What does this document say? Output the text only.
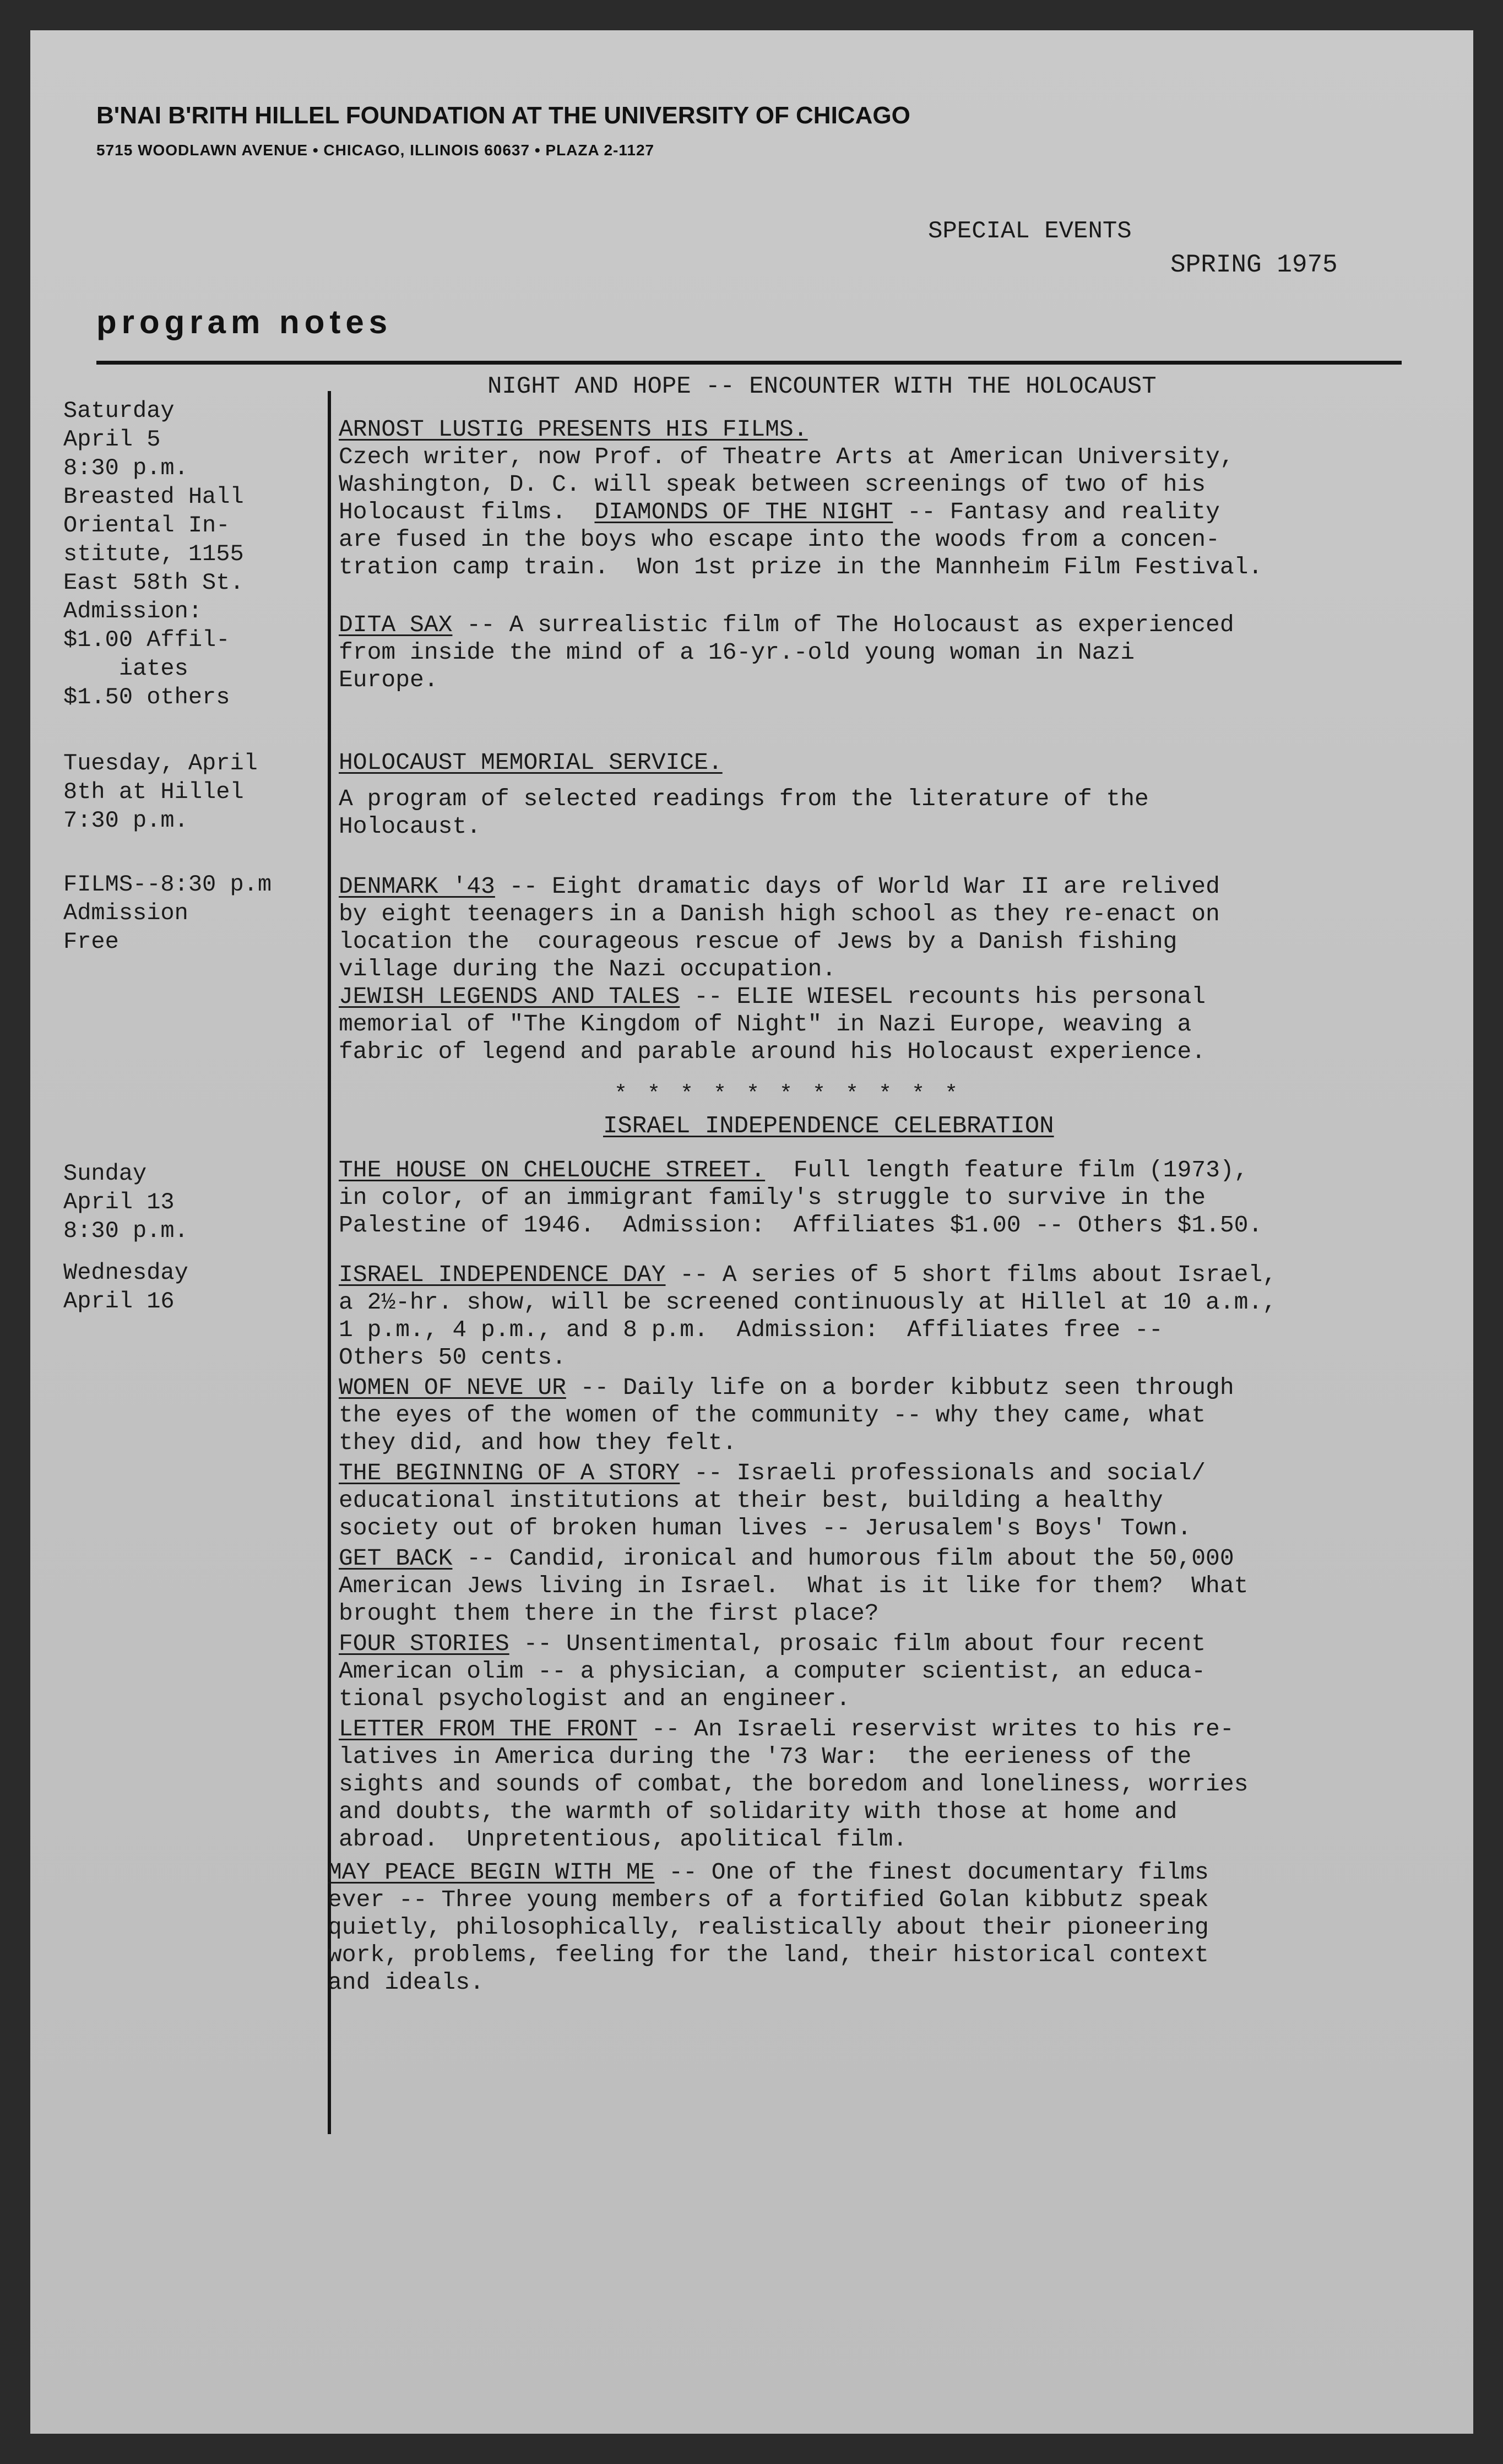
B'NAI B'RITH HILLEL FOUNDATION AT THE UNIVERSITY OF CHICAGO
5715 WOODLAWN AVENUE • CHICAGO, ILLINOIS 60637 • PLAZA 2-1127
SPECIAL EVENTS
SPRING 1975
program notes
NIGHT AND HOPE -- ENCOUNTER WITH THE HOLOCAUST
Saturday
April 5
8:30 p.m.
Breasted Hall
Oriental In-
stitute, 1155
East 58th St.
Admission:
$1.00 Affil-
iates
$1.50 others
Tuesday, April
8th at Hillel
7:30 p.m.
FILMS--8:30 p.m
Admission
Free
Sunday
April 13
8:30 p.m.
Wednesday
April 16
ARNOST LUSTIG PRESENTS HIS FILMS.
Czech writer, now Prof. of Theatre Arts at American University,
Washington, D. C. will speak between screenings of two of his
Holocaust films.  DIAMONDS OF THE NIGHT -- Fantasy and reality
are fused in the boys who escape into the woods from a concen-
tration camp train.  Won 1st prize in the Mannheim Film Festival.
DITA SAX -- A surrealistic film of The Holocaust as experienced
from inside the mind of a 16-yr.-old young woman in Nazi
Europe.
HOLOCAUST MEMORIAL SERVICE.
A program of selected readings from the literature of the
Holocaust.
DENMARK '43 -- Eight dramatic days of World War II are relived
by eight teenagers in a Danish high school as they re-enact on
location the  courageous rescue of Jews by a Danish fishing
village during the Nazi occupation.
JEWISH LEGENDS AND TALES -- ELIE WIESEL recounts his personal
memorial of "The Kingdom of Night" in Nazi Europe, weaving a
fabric of legend and parable around his Holocaust experience.
* * * * * * * * * * *
ISRAEL INDEPENDENCE CELEBRATION
THE HOUSE ON CHELOUCHE STREET.  Full length feature film (1973),
in color, of an immigrant family's struggle to survive in the
Palestine of 1946.  Admission:  Affiliates $1.00 -- Others $1.50.
ISRAEL INDEPENDENCE DAY -- A series of 5 short films about Israel,
a 2½-hr. show, will be screened continuously at Hillel at 10 a.m.,
1 p.m., 4 p.m., and 8 p.m.  Admission:  Affiliates free --
Others 50 cents.
WOMEN OF NEVE UR -- Daily life on a border kibbutz seen through
the eyes of the women of the community -- why they came, what
they did, and how they felt.
THE BEGINNING OF A STORY -- Israeli professionals and social/
educational institutions at their best, building a healthy
society out of broken human lives -- Jerusalem's Boys' Town.
GET BACK -- Candid, ironical and humorous film about the 50,000
American Jews living in Israel.  What is it like for them?  What
brought them there in the first place?
FOUR STORIES -- Unsentimental, prosaic film about four recent
American olim -- a physician, a computer scientist, an educa-
tional psychologist and an engineer.
LETTER FROM THE FRONT -- An Israeli reservist writes to his re-
latives in America during the '73 War:  the eerieness of the
sights and sounds of combat, the boredom and loneliness, worries
and doubts, the warmth of solidarity with those at home and
abroad.  Unpretentious, apolitical film.
MAY PEACE BEGIN WITH ME -- One of the finest documentary films
ever -- Three young members of a fortified Golan kibbutz speak
quietly, philosophically, realistically about their pioneering
work, problems, feeling for the land, their historical context
and ideals.
